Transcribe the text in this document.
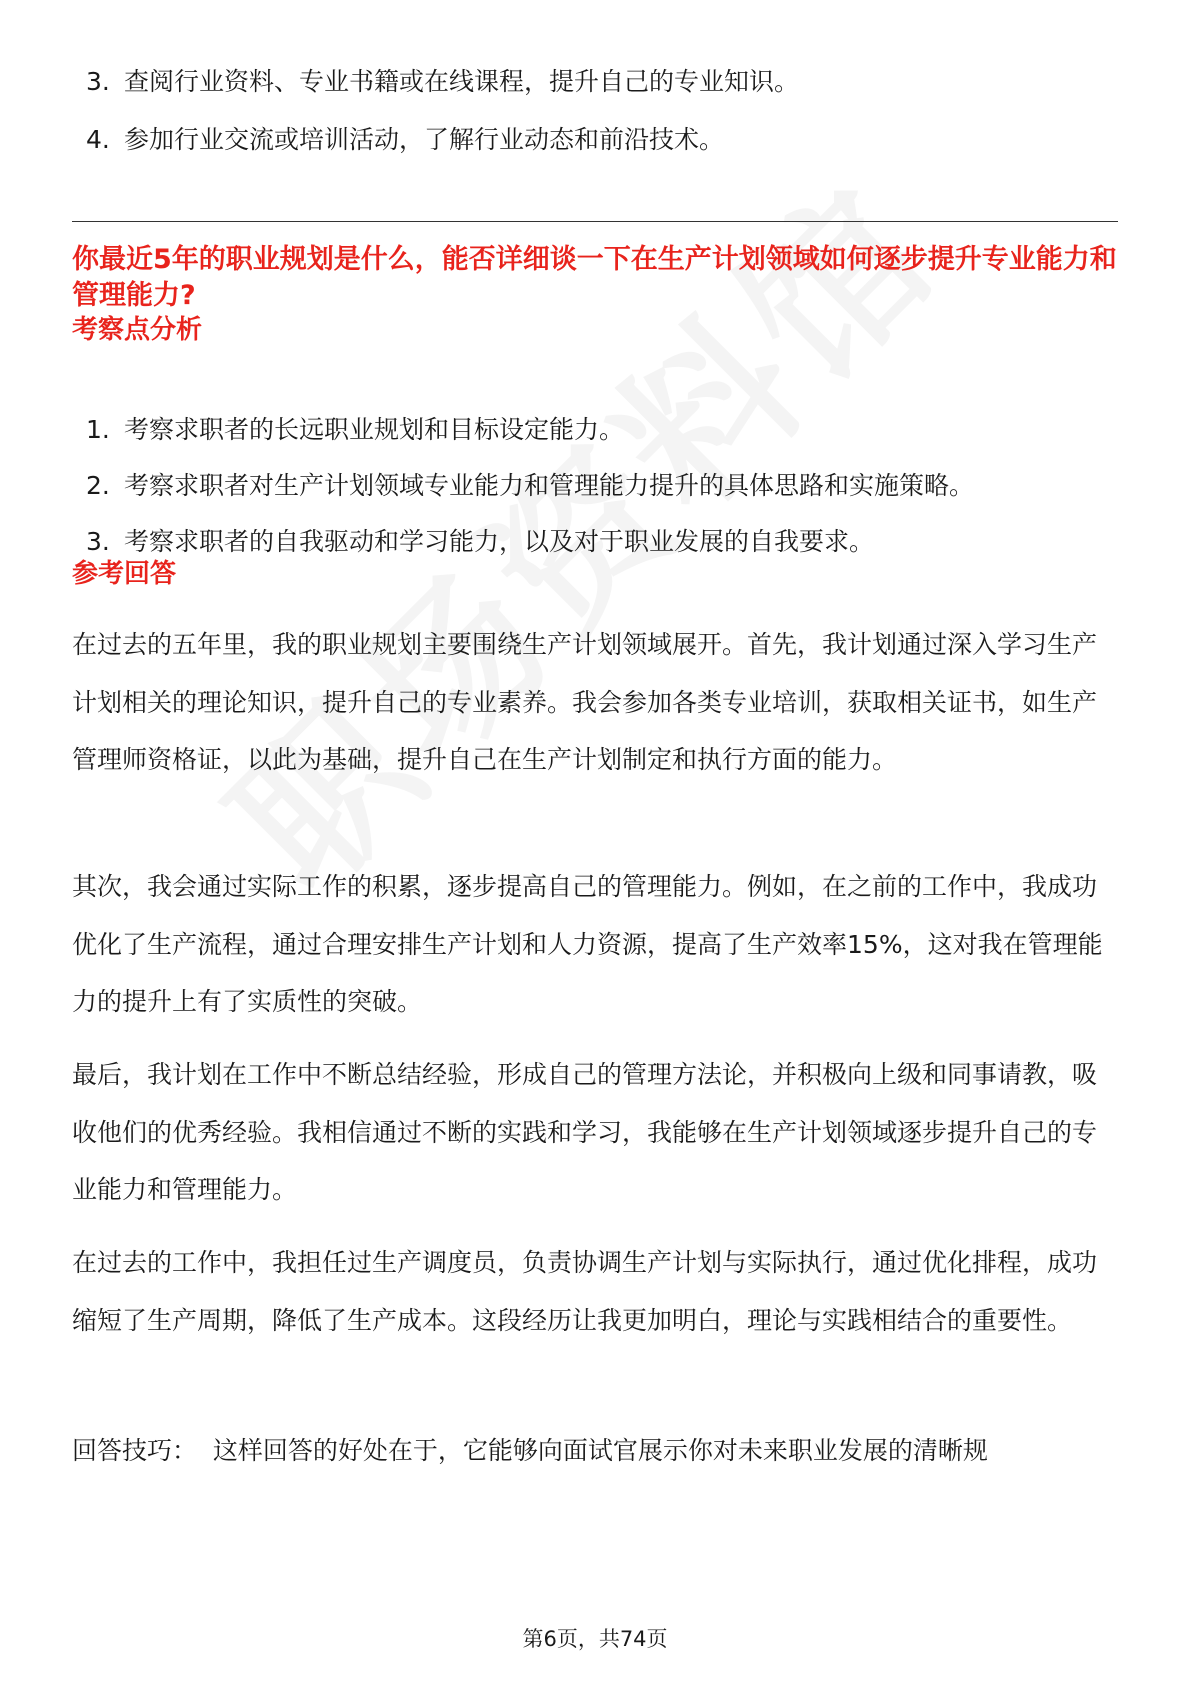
3. 查阅行业资料、专业书籍或在线课程，提升自己的专业知识。
4. 参加行业交流或培训活动，了解行业动态和前沿技术。
你最近5年的职业规划是什么，能否详细谈一下在生产计划领域如何逐步提升专业能力和管理能力?
考察点分析
1. 考察求职者的长远职业规划和目标设定能力。
2. 考察求职者对生产计划领域专业能力和管理能力提升的具体思路和实施策略。
3. 考察求职者的自我驱动和学习能力，以及对于职业发展的自我要求。
参考回答

在过去的五年里，我的职业规划主要围绕生产计划领域展开。首先，我计划通过深入学习生产计划相关的理论知识，提升自己的专业素养。我会参加各类专业培训，获取相关证书，如生产管理师资格证，以此为基础，提升自己在生产计划制定和执行方面的能力。

其次，我会通过实际工作的积累，逐步提高自己的管理能力。例如，在之前的工作中，我成功优化了生产流程，通过合理安排生产计划和人力资源，提高了生产效率15%，这对我在管理能力的提升上有了实质性的突破。

最后，我计划在工作中不断总结经验，形成自己的管理方法论，并积极向上级和同事请教，吸收他们的优秀经验。我相信通过不断的实践和学习，我能够在生产计划领域逐步提升自己的专业能力和管理能力。

在过去的工作中，我担任过生产调度员，负责协调生产计划与实际执行，通过优化排程，成功缩短了生产周期，降低了生产成本。这段经历让我更加明白，理论与实践相结合的重要性。

回答技巧：  这样回答的好处在于，它能够向面试官展示你对未来职业发展的清晰规

第6页，共74页
